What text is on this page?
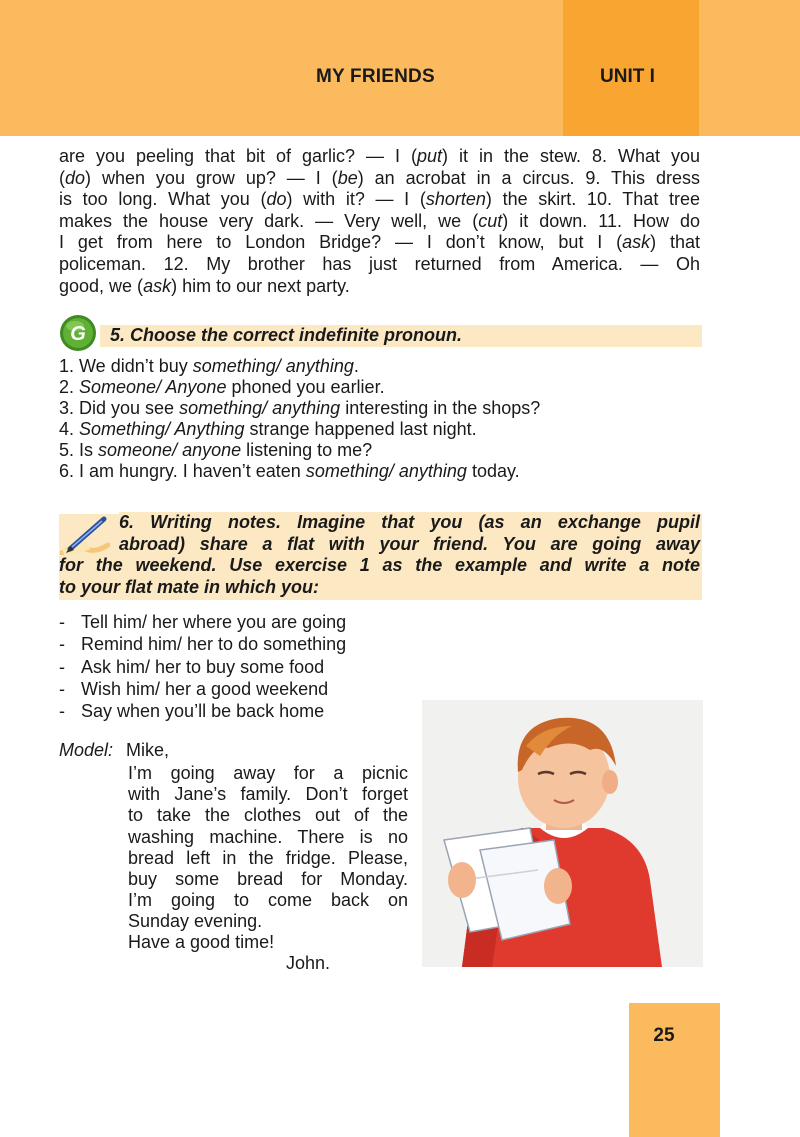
MY FRIENDS	UNIT I
are you peeling that bit of garlic? — I (put) it in the stew. 8. What you
(do) when you grow up? — I (be) an acrobat in a circus. 9. This dress
is too long. What you (do) with it? — I (shorten) the skirt. 10. That tree
makes the house very dark. — Very well, we (cut) it down. 11. How do
I get from here to London Bridge? — I don’t know, but I (ask) that
policeman. 12. My brother has just returned from America. — Oh
good, we (ask) him to our next party.
G 5. Choose the correct indefinite pronoun.
1. We didn’t buy something/ anything.
2. Someone/ Anyone phoned you earlier.
3. Did you see something/ anything interesting in the shops?
4. Something/ Anything strange happened last night.
5. Is someone/ anyone listening to me?
6. I am hungry. I haven’t eaten something/ anything today.
6. Writing notes. Imagine that you (as an exchange pupil
abroad) share a flat with your friend. You are going away
for the weekend. Use exercise 1 as the example and write a note
to your flat mate in which you:
- Tell him/ her where you are going
- Remind him/ her to do something
- Ask him/ her to buy some food
- Wish him/ her a good weekend
- Say when you’ll be back home
Model: Mike,
I’m going away for a picnic
with Jane’s family. Don’t forget
to take the clothes out of the
washing machine. There is no
bread left in the fridge. Please,
buy some bread for Monday.
I’m going to come back on
Sunday evening.
Have a good time!
John.
25
